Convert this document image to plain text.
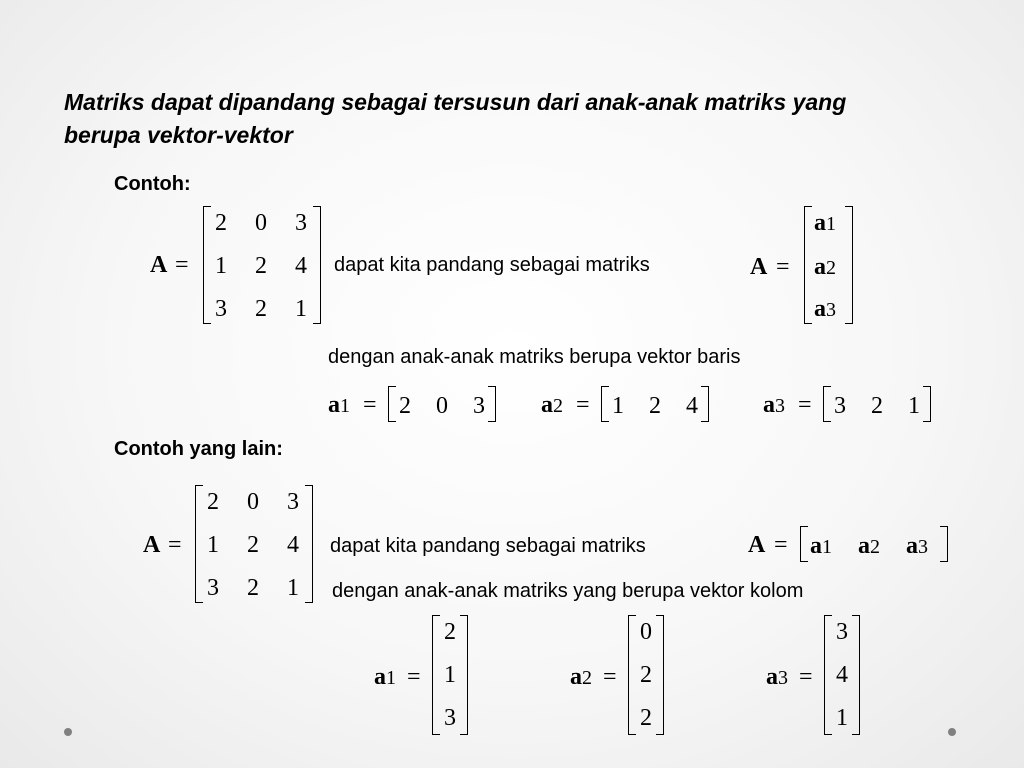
Matriks dapat dipandang sebagai tersusun dari anak-anak matriks yang berupa vektor-vektor
Contoh:
A =
2	0	3
1	2	4
3	2	1
dapat kita pandang sebagai matriks	A =
a1
a2
a3
dengan anak-anak matriks berupa vektor baris
a1 = 2	0	3	a2 = 1	2	4	a3 = 3	2	1
Contoh yang lain:
A =
2	0	3
1	2	4
3	2	1
dapat kita pandang sebagai matriks	A = a1 a2 a3
dengan anak-anak matriks yang berupa vektor kolom
a1 =
2
1
3
a2 =
0
2
2
a3 =
3
4
1
